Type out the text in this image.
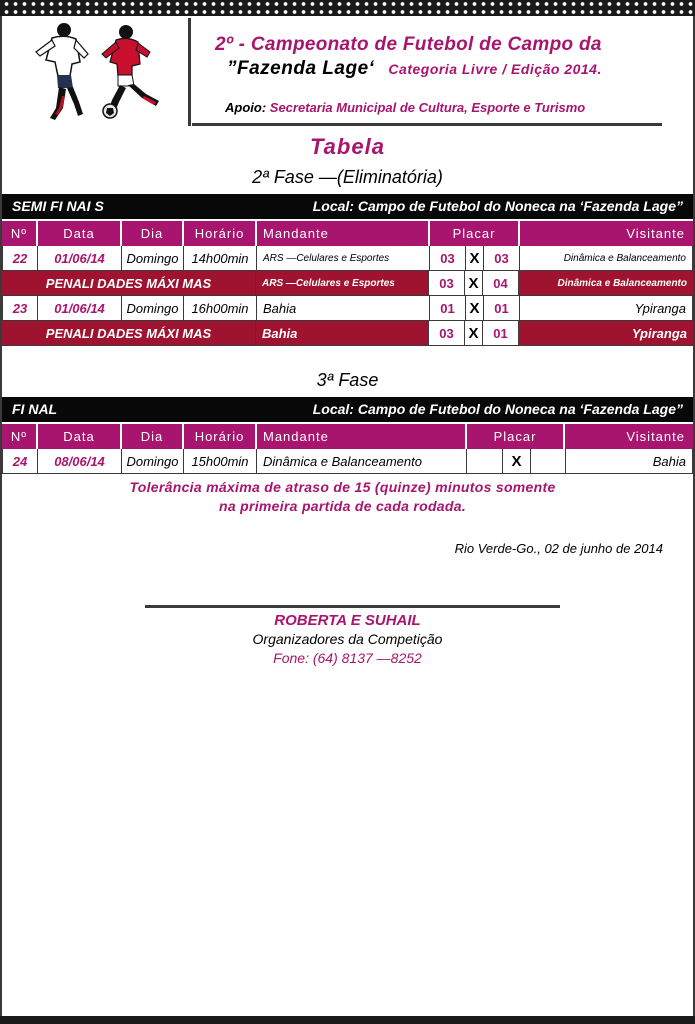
2º - Campeonato de Futebol de Campo da
”Fazenda Lage‘ Categoria Livre / Edição 2014.
Apoio: Secretaria Municipal de Cultura, Esporte e Turismo
Tabela
2ª Fase —(Eliminatória)
SEMI FI NAI S	Local: Campo de Futebol do Noneca na ‘Fazenda Lage”
Nº	Data	Dia	Horário	Mandante	Placar	Visitante
22	01/06/14	Domingo 14h00min	ARS —Celulares e Esportes	03 X	03	Dinâmica e Balanceamento
PENALI DADES MÁXI MAS	ARS —Celulares e Esportes	03 X	04	Dinâmica e Balanceamento
23	01/06/14	Domingo 16h00min	Bahia	01 X	01	Ypiranga
PENALI DADES MÁXI MAS	Bahia	03 X	01	Ypiranga
3ª Fase
FI NAL	Local: Campo de Futebol do Noneca na ‘Fazenda Lage”
Nº	Data	Dia	Horário	Mandante	Placar	Visitante
24	08/06/14	Domingo 15h00min	Dinâmica e Balanceamento	X	Bahia
Tolerância máxima de atraso de 15 (quinze) minutos somente
na primeira partida de cada rodada.
Rio Verde-Go., 02 de junho de 2014
ROBERTA E SUHAIL
Organizadores da Competição
Fone: (64) 8137 —8252
